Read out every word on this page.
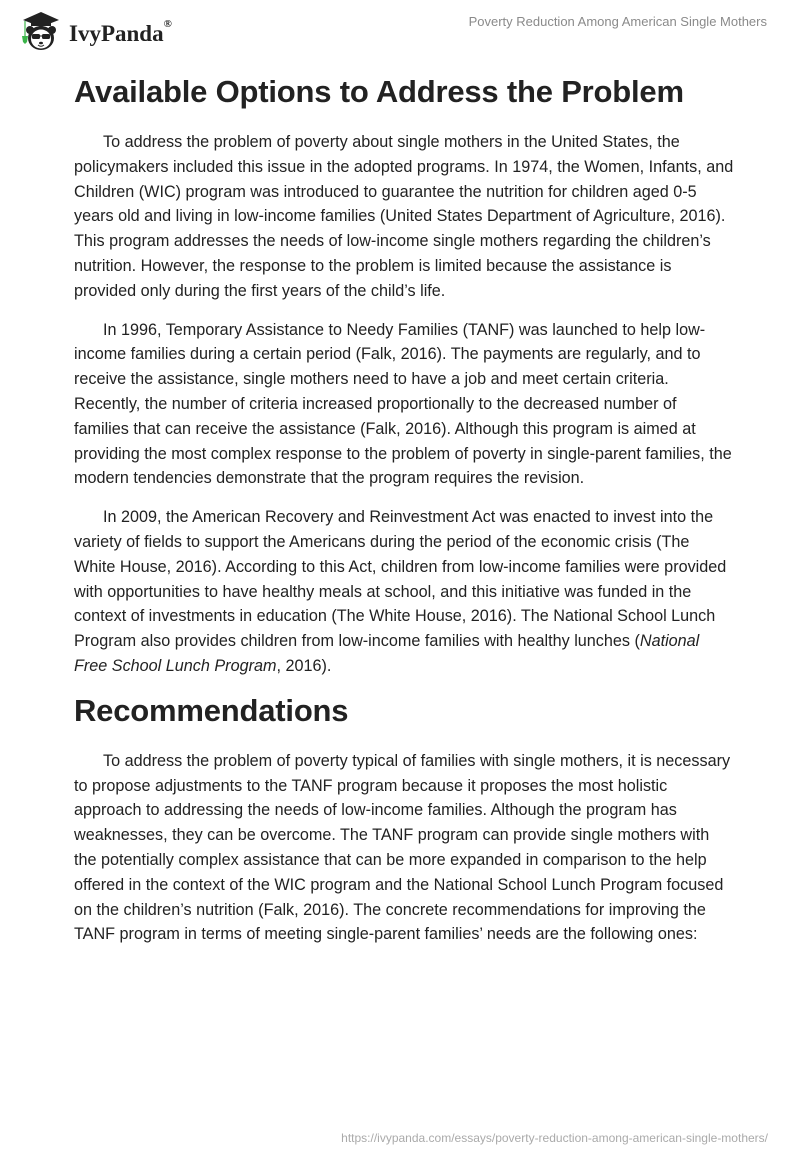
IvyPanda®	Poverty Reduction Among American Single Mothers
Available Options to Address the Problem

To address the problem of poverty about single mothers in the United States, the policymakers included this issue in the adopted programs. In 1974, the Women, Infants, and Children (WIC) program was introduced to guarantee the nutrition for children aged 0-5 years old and living in low-income families (United States Department of Agriculture, 2016). This program addresses the needs of low-income single mothers regarding the children’s nutrition. However, the response to the problem is limited because the assistance is provided only during the first years of the child’s life.

In 1996, Temporary Assistance to Needy Families (TANF) was launched to help low-income families during a certain period (Falk, 2016). The payments are regularly, and to receive the assistance, single mothers need to have a job and meet certain criteria. Recently, the number of criteria increased proportionally to the decreased number of families that can receive the assistance (Falk, 2016). Although this program is aimed at providing the most complex response to the problem of poverty in single-parent families, the modern tendencies demonstrate that the program requires the revision.

In 2009, the American Recovery and Reinvestment Act was enacted to invest into the variety of fields to support the Americans during the period of the economic crisis (The White House, 2016). According to this Act, children from low-income families were provided with opportunities to have healthy meals at school, and this initiative was funded in the context of investments in education (The White House, 2016). The National School Lunch Program also provides children from low-income families with healthy lunches (National Free School Lunch Program, 2016).

Recommendations

To address the problem of poverty typical of families with single mothers, it is necessary to propose adjustments to the TANF program because it proposes the most holistic approach to addressing the needs of low-income families. Although the program has weaknesses, they can be overcome. The TANF program can provide single mothers with the potentially complex assistance that can be more expanded in comparison to the help offered in the context of the WIC program and the National School Lunch Program focused on the children’s nutrition (Falk, 2016). The concrete recommendations for improving the TANF program in terms of meeting single-parent families’ needs are the following ones:

https://ivypanda.com/essays/poverty-reduction-among-american-single-mothers/
